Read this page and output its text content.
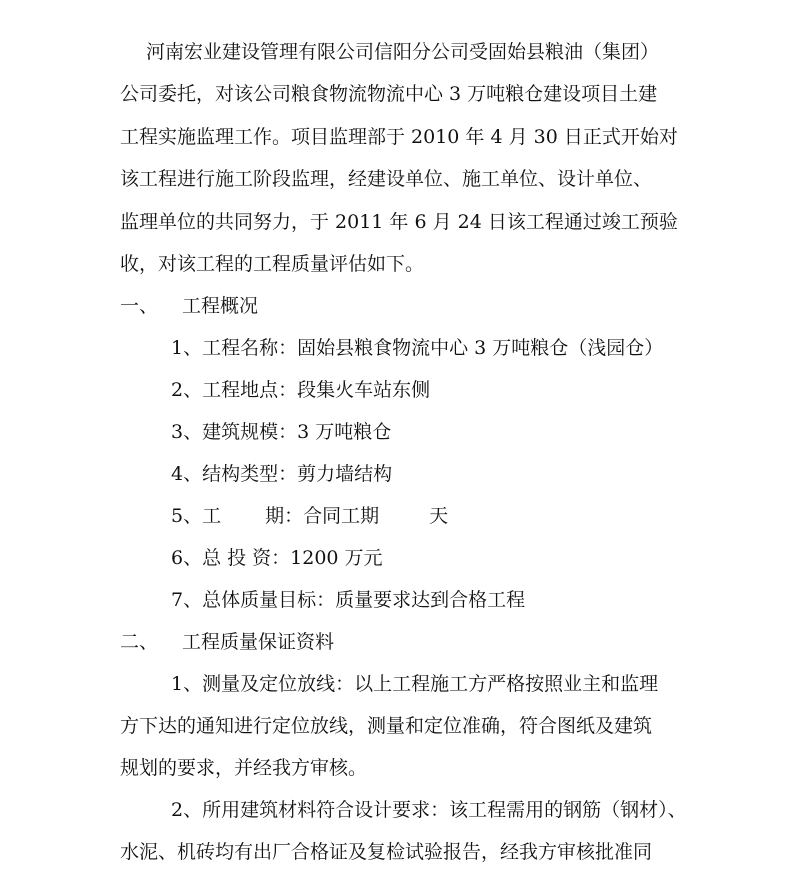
河南宏业建设管理有限公司信阳分公司受固始县粮油（集团）
公司委托，对该公司粮食物流物流中心 3 万吨粮仓建设项目土建
工程实施监理工作。项目监理部于 2010 年 4 月 30 日正式开始对
该工程进行施工阶段监理，经建设单位、施工单位、设计单位、
监理单位的共同努力，于 2011 年 6 月 24 日该工程通过竣工预验
收，对该工程的工程质量评估如下。
一、 工程概况
1、工程名称：固始县粮食物流中心 3 万吨粮仓（浅园仓）
2、工程地点：段集火车站东侧
3、建筑规模：3 万吨粮仓
4、结构类型：剪力墙结构
5、工 期：合同工期	天
6、总 投 资：1200 万元
7、总体质量目标：质量要求达到合格工程
二、 工程质量保证资料
1、测量及定位放线：以上工程施工方严格按照业主和监理
方下达的通知进行定位放线，测量和定位准确，符合图纸及建筑
规划的要求，并经我方审核。
2、所用建筑材料符合设计要求：该工程需用的钢筋（钢材）、
水泥、机砖均有出厂合格证及复检试验报告，经我方审核批准同
